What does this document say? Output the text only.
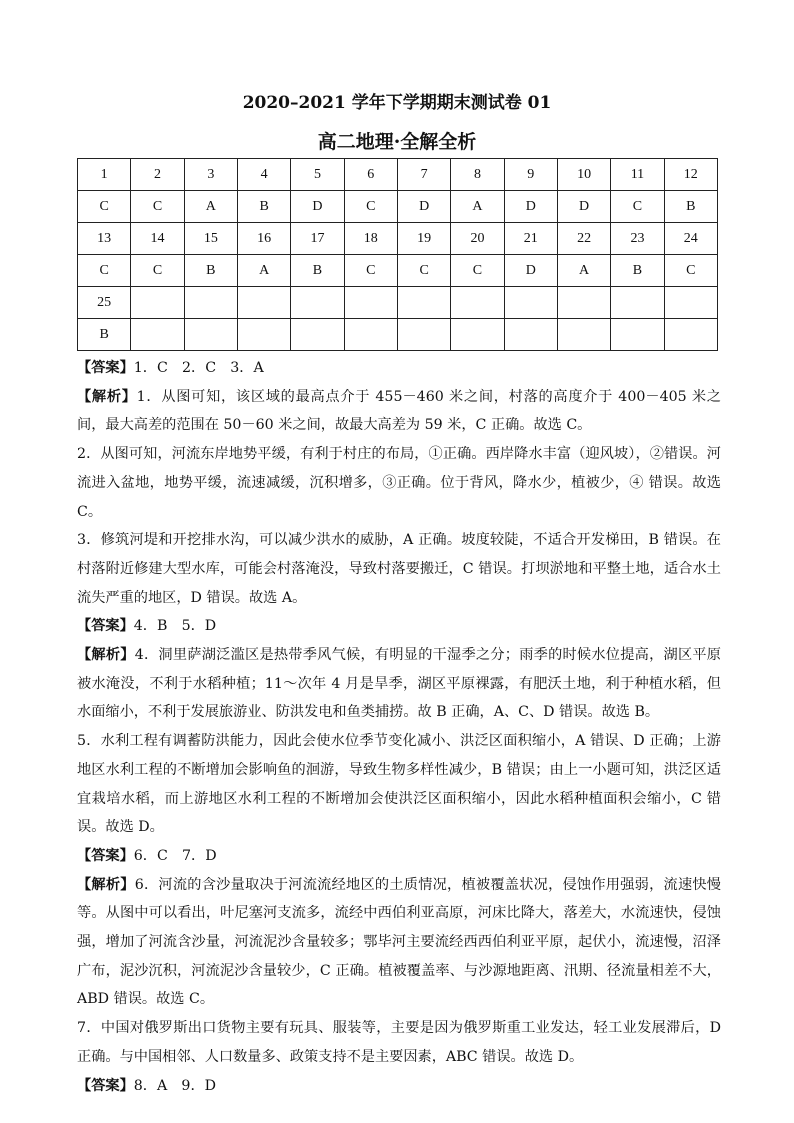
2020–2021 学年下学期期末测试卷 01
高二地理·全解全析
1	2	3	4	5	6	7	8	9	10	11	12
C	C	A	B	D	C	D	A	D	D	C	B
13	14	15	16	17	18	19	20	21	22	23	24
C	C	B	A	B	C	C	C	D	A	B	C
25											
B											

【答案】1．C　2．C　3．A

【解析】1．从图可知，该区域的最高点介于 455－460 米之间，村落的高度介于 400－405 米之间，最大高差的范围在 50－60 米之间，故最大高差为 59 米，C 正确。故选 C。

2．从图可知，河流东岸地势平缓，有利于村庄的布局，①正确。西岸降水丰富（迎风坡），②错误。河流进入盆地，地势平缓，流速减缓，沉积增多，③正确。位于背风，降水少，植被少，④ 错误。故选 C。

3．修筑河堤和开挖排水沟，可以减少洪水的威胁，A 正确。坡度较陡，不适合开发梯田，B 错误。在村落附近修建大型水库，可能会村落淹没，导致村落要搬迁，C 错误。打坝淤地和平整土地，适合水土流失严重的地区，D 错误。故选 A。

【答案】4．B　5．D

【解析】4．洞里萨湖泛滥区是热带季风气候，有明显的干湿季之分；雨季的时候水位提高，湖区平原被水淹没，不利于水稻种植；11～次年 4 月是旱季，湖区平原裸露，有肥沃土地，利于种植水稻，但水面缩小，不利于发展旅游业、防洪发电和鱼类捕捞。故 B 正确，A、C、D 错误。故选 B。

5．水利工程有调蓄防洪能力，因此会使水位季节变化减小、洪泛区面积缩小，A 错误、D 正确；上游地区水利工程的不断增加会影响鱼的洄游，导致生物多样性减少，B 错误；由上一小题可知，洪泛区适宜栽培水稻，而上游地区水利工程的不断增加会使洪泛区面积缩小，因此水稻种植面积会缩小，C 错误。故选 D。

【答案】6．C　7．D

【解析】6．河流的含沙量取决于河流流经地区的土质情况，植被覆盖状况，侵蚀作用强弱，流速快慢等。从图中可以看出，叶尼塞河支流多，流经中西伯利亚高原，河床比降大，落差大，水流速快，侵蚀强，增加了河流含沙量，河流泥沙含量较多；鄂毕河主要流经西西伯利亚平原，起伏小，流速慢，沼泽广布，泥沙沉积，河流泥沙含量较少，C 正确。植被覆盖率、与沙源地距离、汛期、径流量相差不大，ABD 错误。故选 C。

7．中国对俄罗斯出口货物主要有玩具、服装等，主要是因为俄罗斯重工业发达，轻工业发展滞后，D 正确。与中国相邻、人口数量多、政策支持不是主要因素，ABC 错误。故选 D。

【答案】8．A　9．D
